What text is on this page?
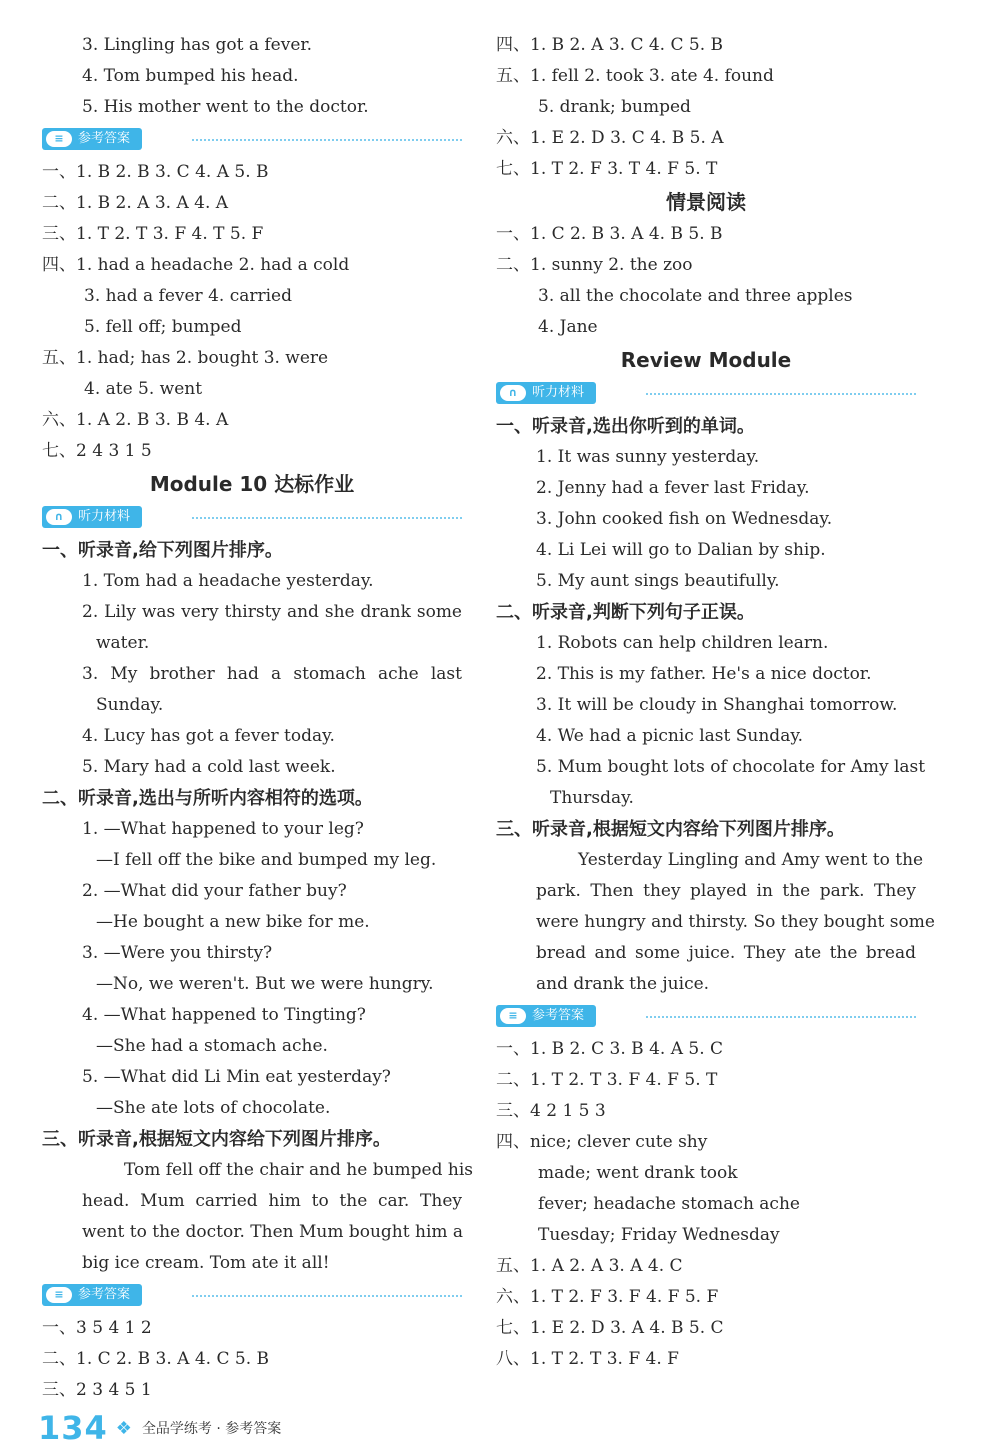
3. Lingling has got a fever.
4. Tom bumped his head.
5. His mother went to the doctor.
≡	参考答案
一、1. B 2. B 3. C 4. A 5. B
二、1. B 2. A 3. A 4. A
三、1. T 2. T 3. F 4. T 5. F
四、1. had a headache 2. had a cold
3. had a fever 4. carried
5. fell off; bumped
五、1. had; has 2. bought 3. were
4. ate 5. went
六、1. A 2. B 3. B 4. A
七、2 4 3 1 5
Module 10 达标作业
∩	听力材料
一、听录音,给下列图片排序。
1. Tom had a headache yesterday.
2. Lily was very thirsty and she drank some
water.
3. My brother had a stomach ache last
Sunday.
4. Lucy has got a fever today.
5. Mary had a cold last week.
二、听录音,选出与所听内容相符的选项。
1. —What happened to your leg?
—I fell off the bike and bumped my leg.
2. —What did your father buy?
—He bought a new bike for me.
3. —Were you thirsty?
—No, we weren't. But we were hungry.
4. —What happened to Tingting?
—She had a stomach ache.
5. —What did Li Min eat yesterday?
—She ate lots of chocolate.
三、听录音,根据短文内容给下列图片排序。
Tom fell off the chair and he bumped his
head. Mum carried him to the car. They
went to the doctor. Then Mum bought him a
big ice cream. Tom ate it all!
≡	参考答案
一、3 5 4 1 2
二、1. C 2. B 3. A 4. C 5. B
三、2 3 4 5 1
四、1. B 2. A 3. C 4. C 5. B
五、1. fell 2. took 3. ate 4. found
5. drank; bumped
六、1. E 2. D 3. C 4. B 5. A
七、1. T 2. F 3. T 4. F 5. T
情景阅读
一、1. C 2. B 3. A 4. B 5. B
二、1. sunny 2. the zoo
3. all the chocolate and three apples
4. Jane
Review Module
∩	听力材料
一、听录音,选出你听到的单词。
1. It was sunny yesterday.
2. Jenny had a fever last Friday.
3. John cooked fish on Wednesday.
4. Li Lei will go to Dalian by ship.
5. My aunt sings beautifully.
二、听录音,判断下列句子正误。
1. Robots can help children learn.
2. This is my father. He's a nice doctor.
3. It will be cloudy in Shanghai tomorrow.
4. We had a picnic last Sunday.
5. Mum bought lots of chocolate for Amy last
Thursday.
三、听录音,根据短文内容给下列图片排序。
Yesterday Lingling and Amy went to the
park. Then they played in the park. They
were hungry and thirsty. So they bought some
bread and some juice. They ate the bread
and drank the juice.
≡	参考答案
一、1. B 2. C 3. B 4. A 5. C
二、1. T 2. T 3. F 4. F 5. T
三、4 2 1 5 3
四、nice; clever cute shy
made; went drank took
fever; headache stomach ache
Tuesday; Friday Wednesday
五、1. A 2. A 3. A 4. C
六、1. T 2. F 3. F 4. F 5. F
七、1. E 2. D 3. A 4. B 5. C
八、1. T 2. T 3. F 4. F
134 ❖ 全品学练考 · 参考答案
